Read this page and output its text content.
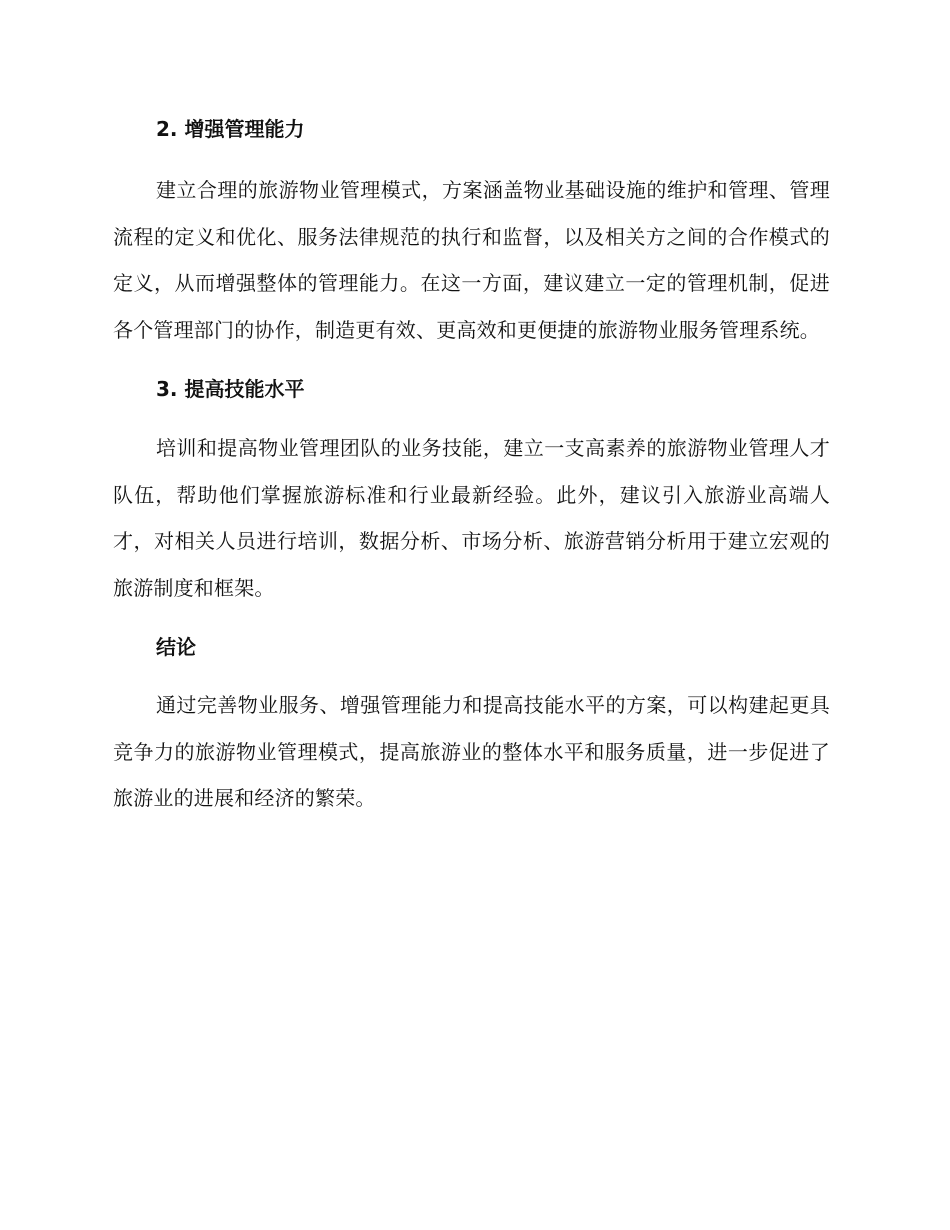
2. 增强管理能力

建立合理的旅游物业管理模式，方案涵盖物业基础设施的维护和管理、管理流程的定义和优化、服务法律规范的执行和监督，以及相关方之间的合作模式的定义，从而增强整体的管理能力。在这一方面，建议建立一定的管理机制，促进各个管理部门的协作，制造更有效、更高效和更便捷的旅游物业服务管理系统。

3. 提高技能水平

培训和提高物业管理团队的业务技能，建立一支高素养的旅游物业管理人才队伍，帮助他们掌握旅游标准和行业最新经验。此外，建议引入旅游业高端人才，对相关人员进行培训，数据分析、市场分析、旅游营销分析用于建立宏观的旅游制度和框架。

结论

通过完善物业服务、增强管理能力和提高技能水平的方案，可以构建起更具竞争力的旅游物业管理模式，提高旅游业的整体水平和服务质量，进一步促进了旅游业的进展和经济的繁荣。
